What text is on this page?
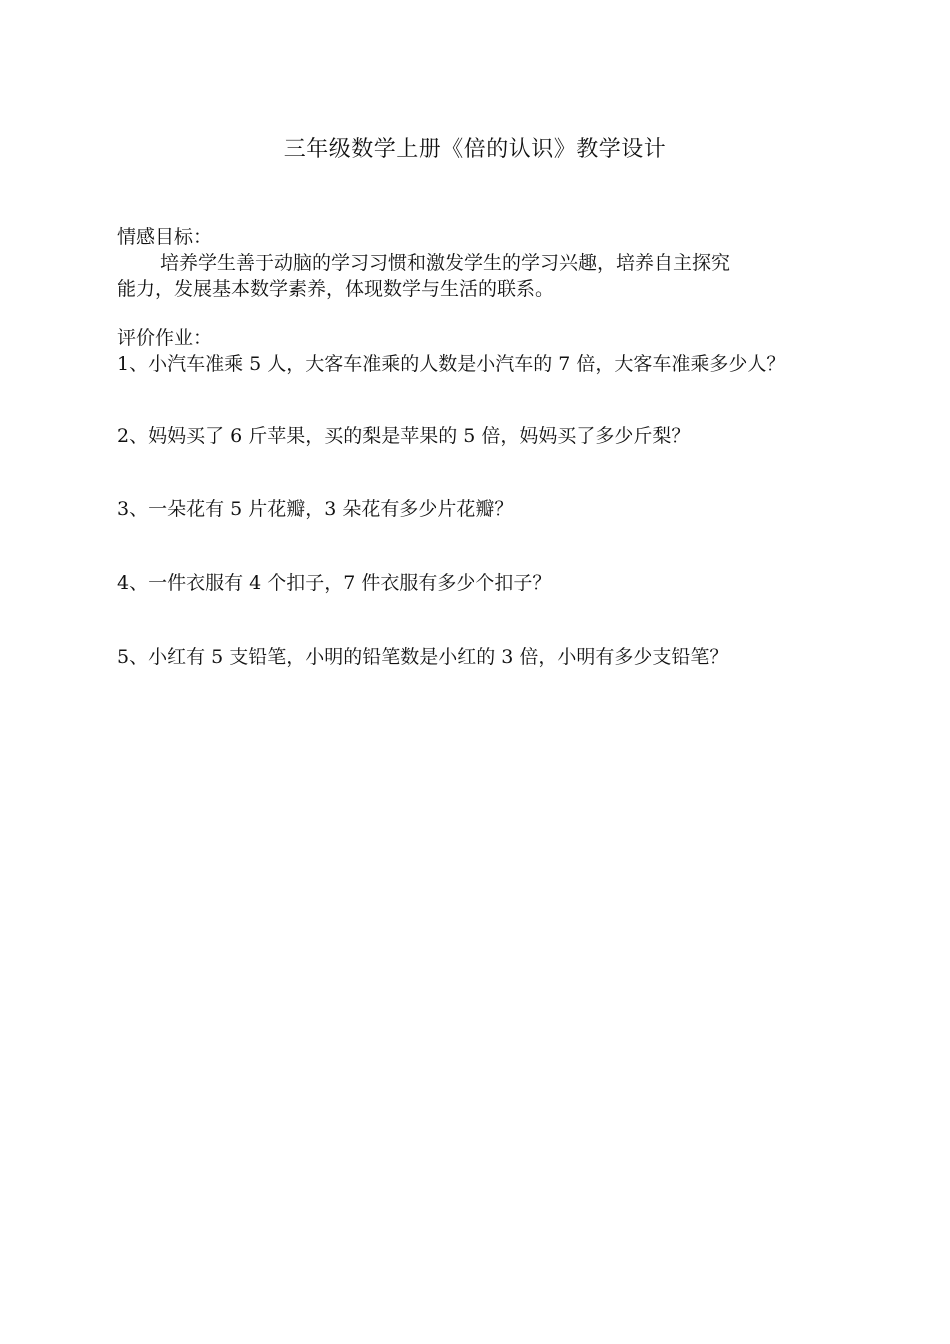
三年级数学上册《倍的认识》教学设计
情感目标：
培养学生善于动脑的学习习惯和激发学生的学习兴趣，培养自主探究
能力，发展基本数学素养，体现数学与生活的联系。
评价作业：
1、小汽车准乘 5 人，大客车准乘的人数是小汽车的 7 倍，大客车准乘多少人？
2、妈妈买了 6 斤苹果，买的梨是苹果的 5 倍，妈妈买了多少斤梨？
3、一朵花有 5 片花瓣，3 朵花有多少片花瓣？
4、一件衣服有 4 个扣子，7 件衣服有多少个扣子？
5、小红有 5 支铅笔，小明的铅笔数是小红的 3 倍，小明有多少支铅笔？
